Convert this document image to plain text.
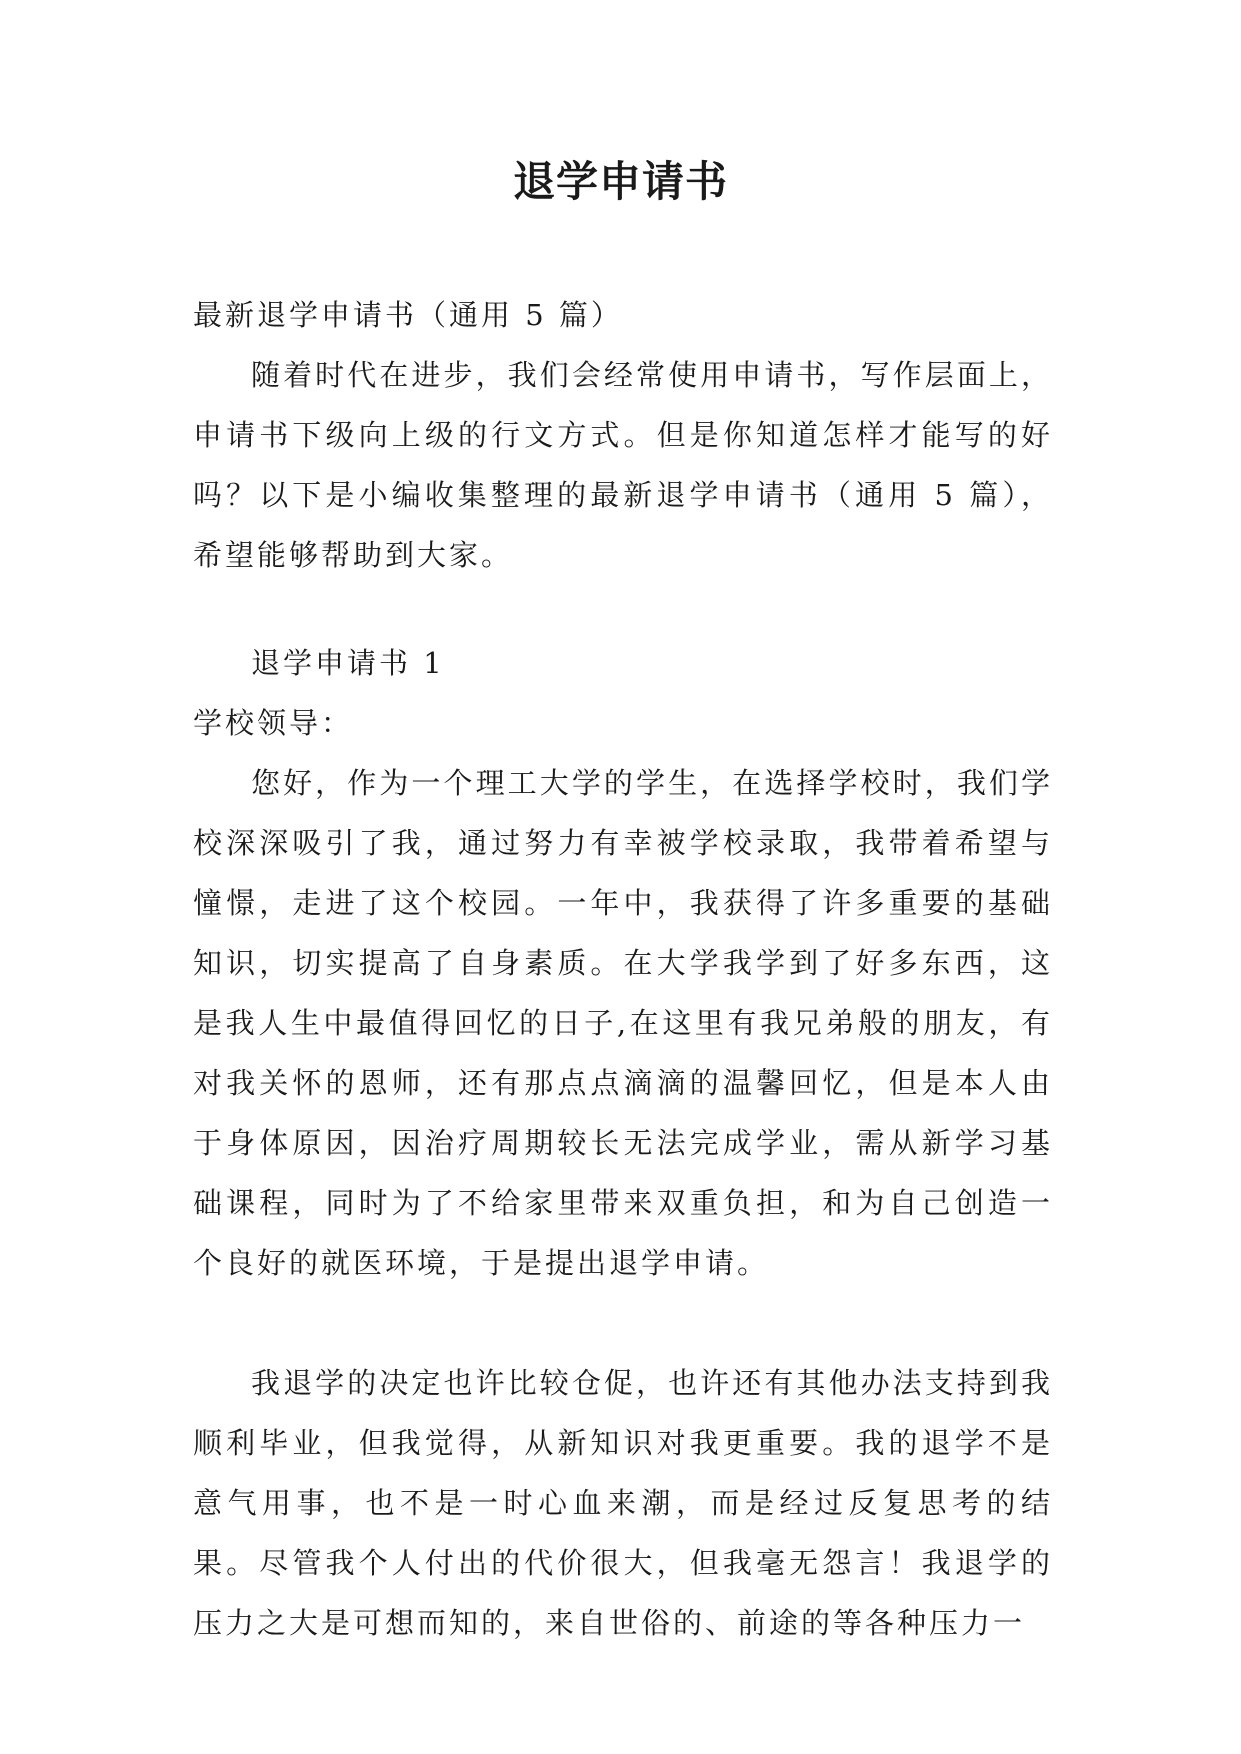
退学申请书

最新退学申请书（通用 5 篇）

随着时代在进步，我们会经常使用申请书，写作层面上，申请书下级向上级的行文方式。但是你知道怎样才能写的好吗？以下是小编收集整理的最新退学申请书（通用 5 篇），希望能够帮助到大家。

退学申请书 1

学校领导：

您好，作为一个理工大学的学生，在选择学校时，我们学校深深吸引了我，通过努力有幸被学校录取，我带着希望与憧憬，走进了这个校园。一年中，我获得了许多重要的基础知识，切实提高了自身素质。在大学我学到了好多东西，这是我人生中最值得回忆的日子,在这里有我兄弟般的朋友，有对我关怀的恩师，还有那点点滴滴的温馨回忆，但是本人由于身体原因，因治疗周期较长无法完成学业，需从新学习基础课程，同时为了不给家里带来双重负担，和为自己创造一个良好的就医环境，于是提出退学申请。

我退学的决定也许比较仓促，也许还有其他办法支持到我顺利毕业，但我觉得，从新知识对我更重要。我的退学不是意气用事，也不是一时心血来潮，而是经过反复思考的结果。尽管我个人付出的代价很大，但我毫无怨言！我退学的压力之大是可想而知的，来自世俗的、前途的等各种压力一
